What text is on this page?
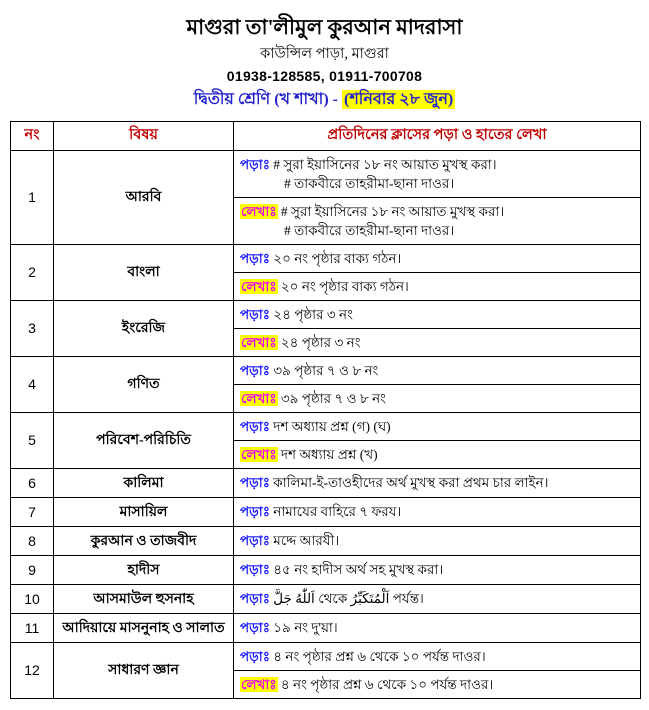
মাগুরা তা'লীমুল কুরআন মাদরাসা
কাউন্সিল পাড়া, মাগুরা
01938-128585, 01911-700708
দ্বিতীয় শ্রেণি (খ শাখা) - (শনিবার ২৮ জুন)
নং	বিষয়	প্রতিদিনের ক্লাসের পড়া ও হাতের লেখা
1	আরবি	পড়াঃ # সুরা ইয়াসিনের ১৮ নং আয়াত মুখস্থ করা।
# তাকবীরে তাহরীমা-ছানা দাওর।

		লেখাঃ # সুরা ইয়াসিনের ১৮ নং আয়াত মুখস্থ করা।
# তাকবীরে তাহরীমা-ছানা দাওর।

2	বাংলা	পড়াঃ ২০ নং পৃষ্ঠার বাক্য গঠন।

		লেখাঃ ২০ নং পৃষ্ঠার বাক্য গঠন।

3	ইংরেজি	পড়াঃ ২৪ পৃষ্ঠার ৩ নং

		লেখাঃ ২৪ পৃষ্ঠার ৩ নং

4	গণিত	পড়াঃ ৩৯ পৃষ্ঠার ৭ ও ৮ নং

		লেখাঃ ৩৯ পৃষ্ঠার ৭ ও ৮ নং

5	পরিবেশ-পরিচিতি	পড়াঃ দশ অধ্যায় প্রশ্ন (গ) (ঘ)

		লেখাঃ দশ অধ্যায় প্রশ্ন (খ)

6	কালিমা	পড়াঃ কালিমা-ই-তাওহীদের অর্থ মুখস্থ করা প্রথম চার লাইন।

7	মাসায়িল	পড়াঃ নামাযের বাহিরে ৭ ফরয।

8	কুরআন ও তাজবীদ	পড়াঃ মদ্দে আরযী।

9	হাদীস	পড়াঃ ৪৫ নং হাদীস অর্থ সহ মুখস্থ করা।

10	আসমাউল হুসনাহ	পড়াঃ اَللّٰهُ جَلَّ থেকে اَلْمُتَكَبِّرُ পর্যন্ত।

11	আদিয়ায়ে মাসনুনাহ ও সালাত	পড়াঃ ১৯ নং দু'য়া।

12	সাধারণ জ্ঞান	পড়াঃ ৪ নং পৃষ্ঠার প্রশ্ন ৬ থেকে ১০ পর্যন্ত দাওর।

		লেখাঃ ৪ নং পৃষ্ঠার প্রশ্ন ৬ থেকে ১০ পর্যন্ত দাওর।
